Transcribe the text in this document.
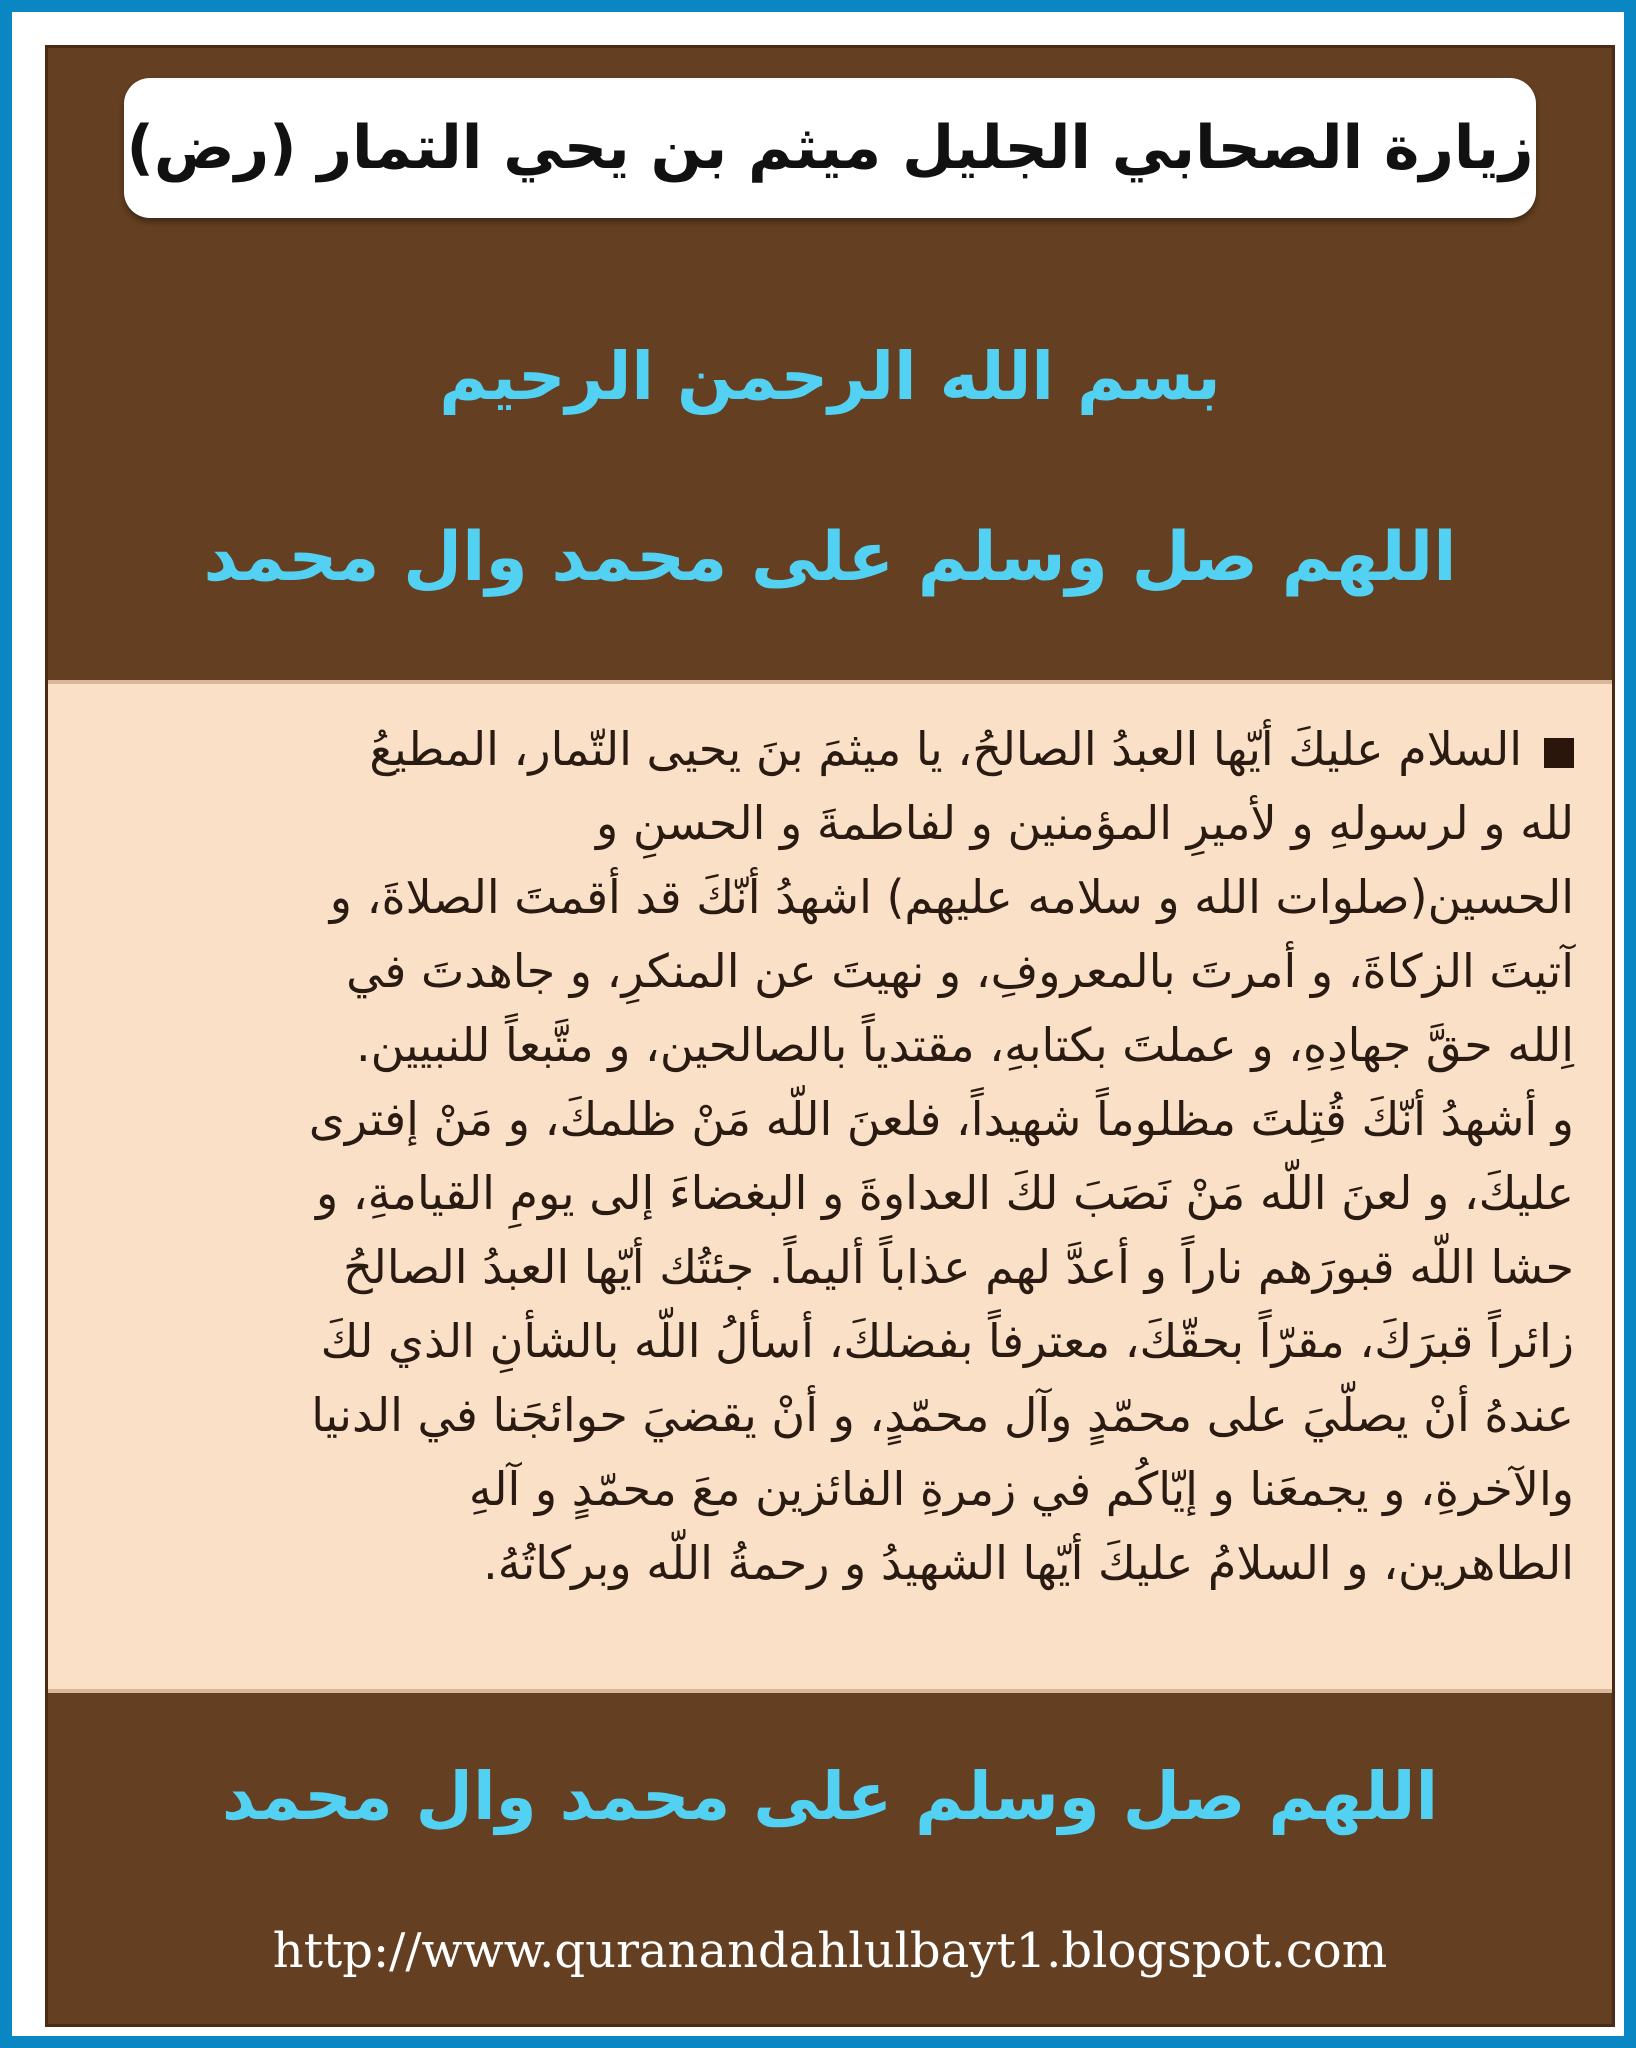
زيارة الصحابي الجليل ميثم بن يحي التمار (رض)
بسم الله الرحمن الرحيم
اللهم صل وسلم على محمد وال محمد
السلام عليكَ أيّها العبدُ الصالحُ، يا ميثمَ بنَ يحيى التّمار، المطيعُ
لله و لرسولهِ و لأميرِ المؤمنين و لفاطمةَ و الحسنِ و
الحسين(صلوات الله و سلامه عليهم) اشهدُ أنّكَ قد أقمتَ الصلاةَ، و
آتيتَ الزكاةَ، و أمرتَ بالمعروفِ، و نهيتَ عن المنكرِ، و جاهدتَ في
اِلله حقَّ جهادِهِ، و عملتَ بكتابهِ، مقتدياً بالصالحين، و متَّبعاً للنبيين.
و أشهدُ أنّكَ قُتِلتَ مظلوماً شهيداً، فلعنَ اللّه مَنْ ظلمكَ، و مَنْ إفترى
عليكَ، و لعنَ اللّه مَنْ نَصَبَ لكَ العداوةَ و البغضاءَ إلى يومِ القيامةِ، و
حشا اللّه قبورَهم ناراً و أعدَّ لهم عذاباً أليماً. جئتُك أيّها العبدُ الصالحُ
زائراً قبرَكَ، مقرّاً بحقّكَ، معترفاً بفضلكَ، أسألُ اللّه بالشأنِ الذي لكَ
عندهُ أنْ يصلّيَ على محمّدٍ وآل محمّدٍ، و أنْ يقضيَ حوائجَنا في الدنيا
والآخرةِ، و يجمعَنا و إيّاكُم في زمرةِ الفائزين معَ محمّدٍ و آلهِ
الطاهرين، و السلامُ عليكَ أيّها الشهيدُ و رحمةُ اللّه وبركاتُهُ.
اللهم صل وسلم على محمد وال محمد
http://www.quranandahlulbayt1.blogspot.com
